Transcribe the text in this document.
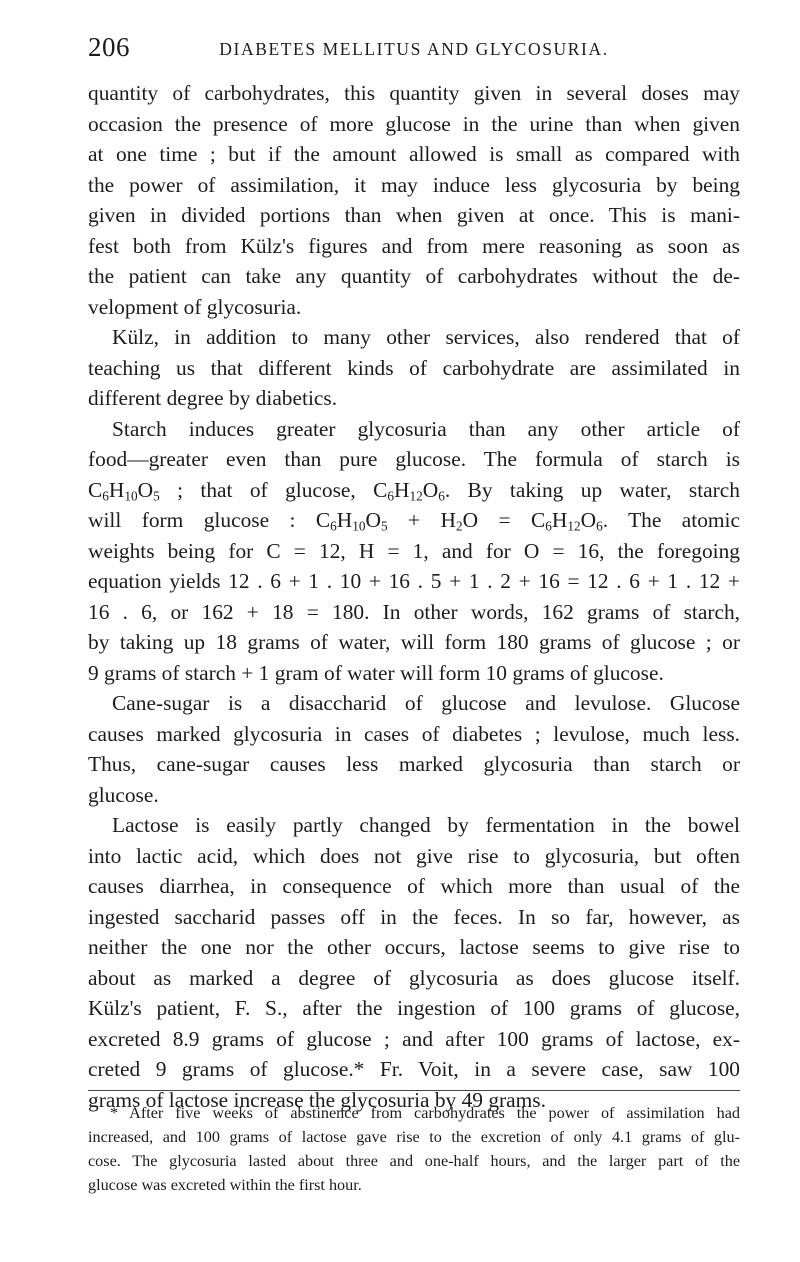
206	DIABETES MELLITUS AND GLYCOSURIA.
quantity of carbohydrates, this quantity given in several doses may
occasion the presence of more glucose in the urine than when given
at one time ; but if the amount allowed is small as compared with
the power of assimilation, it may induce less glycosuria by being
given in divided portions than when given at once. This is mani-
fest both from Külz's figures and from mere reasoning as soon as
the patient can take any quantity of carbohydrates without the de-
velopment of glycosuria.
Külz, in addition to many other services, also rendered that of
teaching us that different kinds of carbohydrate are assimilated in
different degree by diabetics.
Starch induces greater glycosuria than any other article of
food—greater even than pure glucose. The formula of starch is
$C_6H_{10}O_5$ ; that of glucose, $C_6H_{12}O_6$. By taking up water, starch
will form glucose : $C_6H_{10}O_5 + H_2O = C_6H_{12}O_6$. The atomic
weights being for C = 12, H = 1, and for O = 16, the foregoing
equation yields 12 . 6 + 1 . 10 + 16 . 5 + 1 . 2 + 16 = 12 . 6 + 1 . 12 +
16 . 6, or 162 + 18 = 180. In other words, 162 grams of starch,
by taking up 18 grams of water, will form 180 grams of glucose ; or
9 grams of starch + 1 gram of water will form 10 grams of glucose.
Cane-sugar is a disaccharid of glucose and levulose. Glucose
causes marked glycosuria in cases of diabetes ; levulose, much less.
Thus, cane-sugar causes less marked glycosuria than starch or
glucose.
Lactose is easily partly changed by fermentation in the bowel
into lactic acid, which does not give rise to glycosuria, but often
causes diarrhea, in consequence of which more than usual of the
ingested saccharid passes off in the feces. In so far, however, as
neither the one nor the other occurs, lactose seems to give rise to
about as marked a degree of glycosuria as does glucose itself.
Külz's patient, F. S., after the ingestion of 100 grams of glucose,
excreted 8.9 grams of glucose ; and after 100 grams of lactose, ex-
creted 9 grams of glucose.* Fr. Voit, in a severe case, saw 100
grams of lactose increase the glycosuria by 49 grams.
* After five weeks of abstinence from carbohydrates the power of assimilation had
increased, and 100 grams of lactose gave rise to the excretion of only 4.1 grams of glu-
cose. The glycosuria lasted about three and one-half hours, and the larger part of the
glucose was excreted within the first hour.
